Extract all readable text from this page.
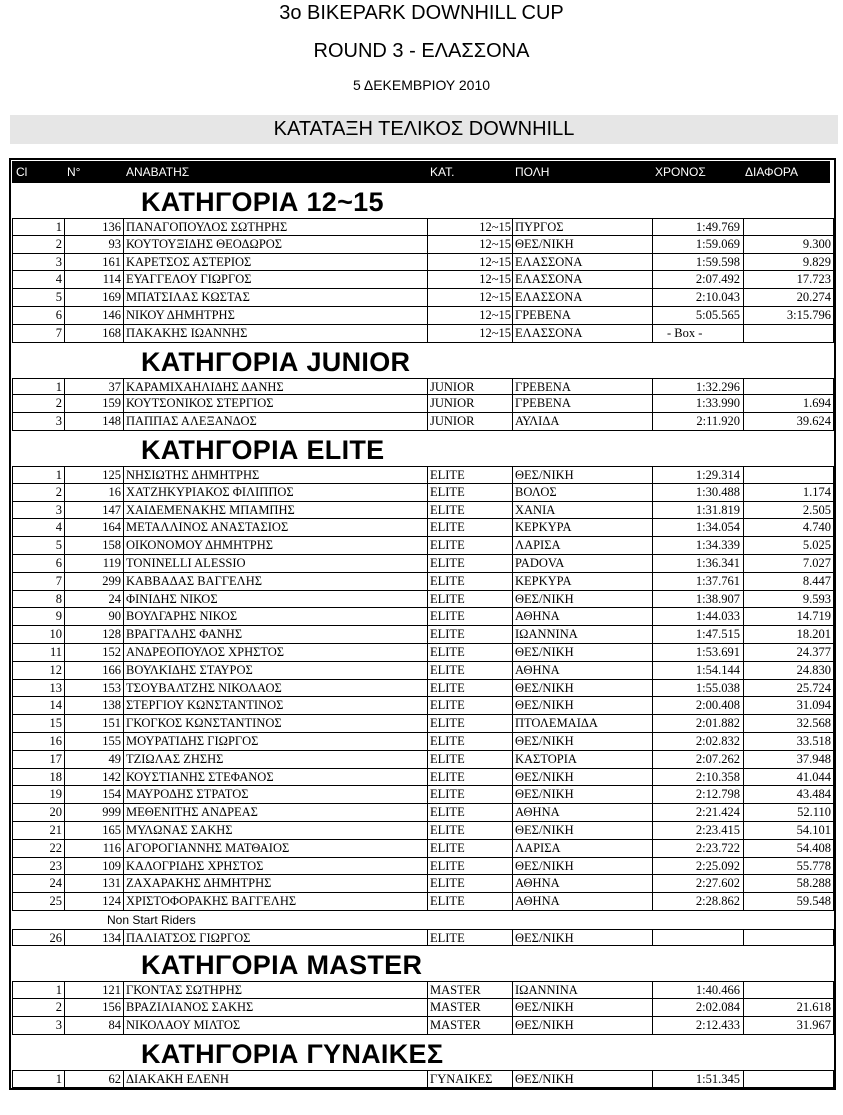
3o BIKEPARK DOWNHILL CUP
ROUND 3 - ΕΛΑΣΣΟΝΑ
5 ΔΕΚΕΜΒΡΙΟΥ 2010
ΚΑΤΑΤΑΞΗ ΤΕΛΙΚΟΣ DOWNHILL
Cl	N°	ΑΝΑΒΑΤΗΣ	ΚΑΤ.	ΠΟΛΗ	ΧΡΟΝΟΣ	ΔΙΑΦΟΡΑ
ΚΑΤΗΓΟΡΙΑ 12~15
1	136 ΠΑΝΑΓΟΠΟΥΛΟΣ ΣΩΤΗΡΗΣ	12~15 ΠΥΡΓΟΣ	1:49.769
2	93 ΚΟΥΤΟΥΞΙΔΗΣ ΘΕΟΔΩΡΟΣ	12~15 ΘΕΣ/ΝΙΚΗ	1:59.069	9.300
3	161 ΚΑΡΕΤΣΟΣ ΑΣΤΕΡΙΟΣ	12~15 ΕΛΑΣΣΟΝΑ	1:59.598	9.829
4	114 ΕΥΑΓΓΕΛΟΥ ΓΙΩΡΓΟΣ	12~15 ΕΛΑΣΣΟΝΑ	2:07.492	17.723
5	169 ΜΠΑΤΣΙΛΑΣ ΚΩΣΤΑΣ	12~15 ΕΛΑΣΣΟΝΑ	2:10.043	20.274
6	146 ΝΙΚΟΥ ΔΗΜΗΤΡΗΣ	12~15 ΓΡΕΒΕΝΑ	5:05.565	3:15.796
7	168 ΠΑΚΑΚΗΣ ΙΩΑΝΝΗΣ	12~15 ΕΛΑΣΣΟΝΑ	- Box -
ΚΑΤΗΓΟΡΙΑ JUNIOR
1	37 ΚΑΡΑΜΙΧΑΗΛΙΔΗΣ ΔΑΝΗΣ	JUNIOR	ΓΡΕΒΕΝΑ	1:32.296
2	159 ΚΟΥΤΣΟΝΙΚΟΣ ΣΤΕΡΓΙΟΣ	JUNIOR	ΓΡΕΒΕΝΑ	1:33.990	1.694
3	148 ΠΑΠΠΑΣ ΑΛΕΞΑΝΔΟΣ	JUNIOR	ΑΥΛΙΔΑ	2:11.920	39.624
ΚΑΤΗΓΟΡΙΑ ELITE
1	125 ΝΗΣΙΩΤΗΣ ΔΗΜΗΤΡΗΣ	ELITE	ΘΕΣ/ΝΙΚΗ	1:29.314
2	16 ΧΑΤΖΗΚΥΡΙΑΚΟΣ ΦΙΛΙΠΠΟΣ	ELITE	ΒΟΛΟΣ	1:30.488	1.174
3	147 ΧΑΙΔΕΜΕΝΑΚΗΣ ΜΠΑΜΠΗΣ	ELITE	ΧΑΝΙΑ	1:31.819	2.505
4	164 ΜΕΤΑΛΛΙΝΟΣ ΑΝΑΣΤΑΣΙΟΣ	ELITE	ΚΕΡΚΥΡΑ	1:34.054	4.740
5	158 ΟΙΚΟΝΟΜΟΥ ΔΗΜΗΤΡΗΣ	ELITE	ΛΑΡΙΣΑ	1:34.339	5.025
6	119 TONINELLI ALESSIO	ELITE	PADOVA	1:36.341	7.027
7	299 ΚΑΒΒΑΔΑΣ ΒΑΓΓΕΛΗΣ	ELITE	ΚΕΡΚΥΡΑ	1:37.761	8.447
8	24 ΦΙΝΙΔΗΣ ΝΙΚΟΣ	ELITE	ΘΕΣ/ΝΙΚΗ	1:38.907	9.593
9	90 ΒΟΥΛΓΑΡΗΣ ΝΙΚΟΣ	ELITE	ΑΘΗΝΑ	1:44.033	14.719
10	128 ΒΡΑΓΓΑΛΗΣ ΦΑΝΗΣ	ELITE	ΙΩΑΝΝΙΝΑ	1:47.515	18.201
11	152 ΑΝΔΡΕΟΠΟΥΛΟΣ ΧΡΗΣΤΟΣ	ELITE	ΘΕΣ/ΝΙΚΗ	1:53.691	24.377
12	166 ΒΟΥΛΚΙΔΗΣ ΣΤΑΥΡΟΣ	ELITE	ΑΘΗΝΑ	1:54.144	24.830
13	153 ΤΣΟΥΒΑΛΤΖΗΣ ΝΙΚΟΛΑΟΣ	ELITE	ΘΕΣ/ΝΙΚΗ	1:55.038	25.724
14	138 ΣΤΕΡΓΙΟΥ ΚΩΝΣΤΑΝΤΙΝΟΣ	ELITE	ΘΕΣ/ΝΙΚΗ	2:00.408	31.094
15	151 ΓΚΟΓΚΟΣ ΚΩΝΣΤΑΝΤΙΝΟΣ	ELITE	ΠΤΟΛΕΜΑΙΔΑ	2:01.882	32.568
16	155 ΜΟΥΡΑΤΙΔΗΣ ΓΙΩΡΓΟΣ	ELITE	ΘΕΣ/ΝΙΚΗ	2:02.832	33.518
17	49 ΤΖΙΩΛΑΣ ΖΗΣΗΣ	ELITE	ΚΑΣΤΟΡΙΑ	2:07.262	37.948
18	142 ΚΟΥΣΤΙΑΝΗΣ ΣΤΕΦΑΝΟΣ	ELITE	ΘΕΣ/ΝΙΚΗ	2:10.358	41.044
19	154 ΜΑΥΡΟΔΗΣ ΣΤΡΑΤΟΣ	ELITE	ΘΕΣ/ΝΙΚΗ	2:12.798	43.484
20	999 ΜΕΘΕΝΙΤΗΣ ΑΝΔΡΕΑΣ	ELITE	ΑΘΗΝΑ	2:21.424	52.110
21	165 ΜΥΛΩΝΑΣ ΣΑΚΗΣ	ELITE	ΘΕΣ/ΝΙΚΗ	2:23.415	54.101
22	116 ΑΓΟΡΟΓΙΑΝΝΗΣ ΜΑΤΘΑΙΟΣ	ELITE	ΛΑΡΙΣΑ	2:23.722	54.408
23	109 ΚΑΛΟΓΡΙΔΗΣ ΧΡΗΣΤΟΣ	ELITE	ΘΕΣ/ΝΙΚΗ	2:25.092	55.778
24	131 ΖΑΧΑΡΑΚΗΣ ΔΗΜΗΤΡΗΣ	ELITE	ΑΘΗΝΑ	2:27.602	58.288
25	124 ΧΡΙΣΤΟΦΟΡΑΚΗΣ ΒΑΓΓΕΛΗΣ	ELITE	ΑΘΗΝΑ	2:28.862	59.548
Non Start Riders
26	134 ΠΑΛΙΑΤΣΟΣ ΓΙΩΡΓΟΣ	ELITE	ΘΕΣ/ΝΙΚΗ
ΚΑΤΗΓΟΡΙΑ MASTER
1	121 ΓΚΟΝΤΑΣ ΣΩΤΗΡΗΣ	MASTER	ΙΩΑΝΝΙΝΑ	1:40.466
2	156 ΒΡΑΖΙΛΙΑΝΟΣ ΣΑΚΗΣ	MASTER	ΘΕΣ/ΝΙΚΗ	2:02.084	21.618
3	84 ΝΙΚΟΛΑΟΥ ΜΙΛΤΟΣ	MASTER	ΘΕΣ/ΝΙΚΗ	2:12.433	31.967
ΚΑΤΗΓΟΡΙΑ ΓΥΝΑΙΚΕΣ
1	62 ΔΙΑΚΑΚΗ ΕΛΕΝΗ	ΓΥΝΑΙΚΕΣ	ΘΕΣ/ΝΙΚΗ	1:51.345
